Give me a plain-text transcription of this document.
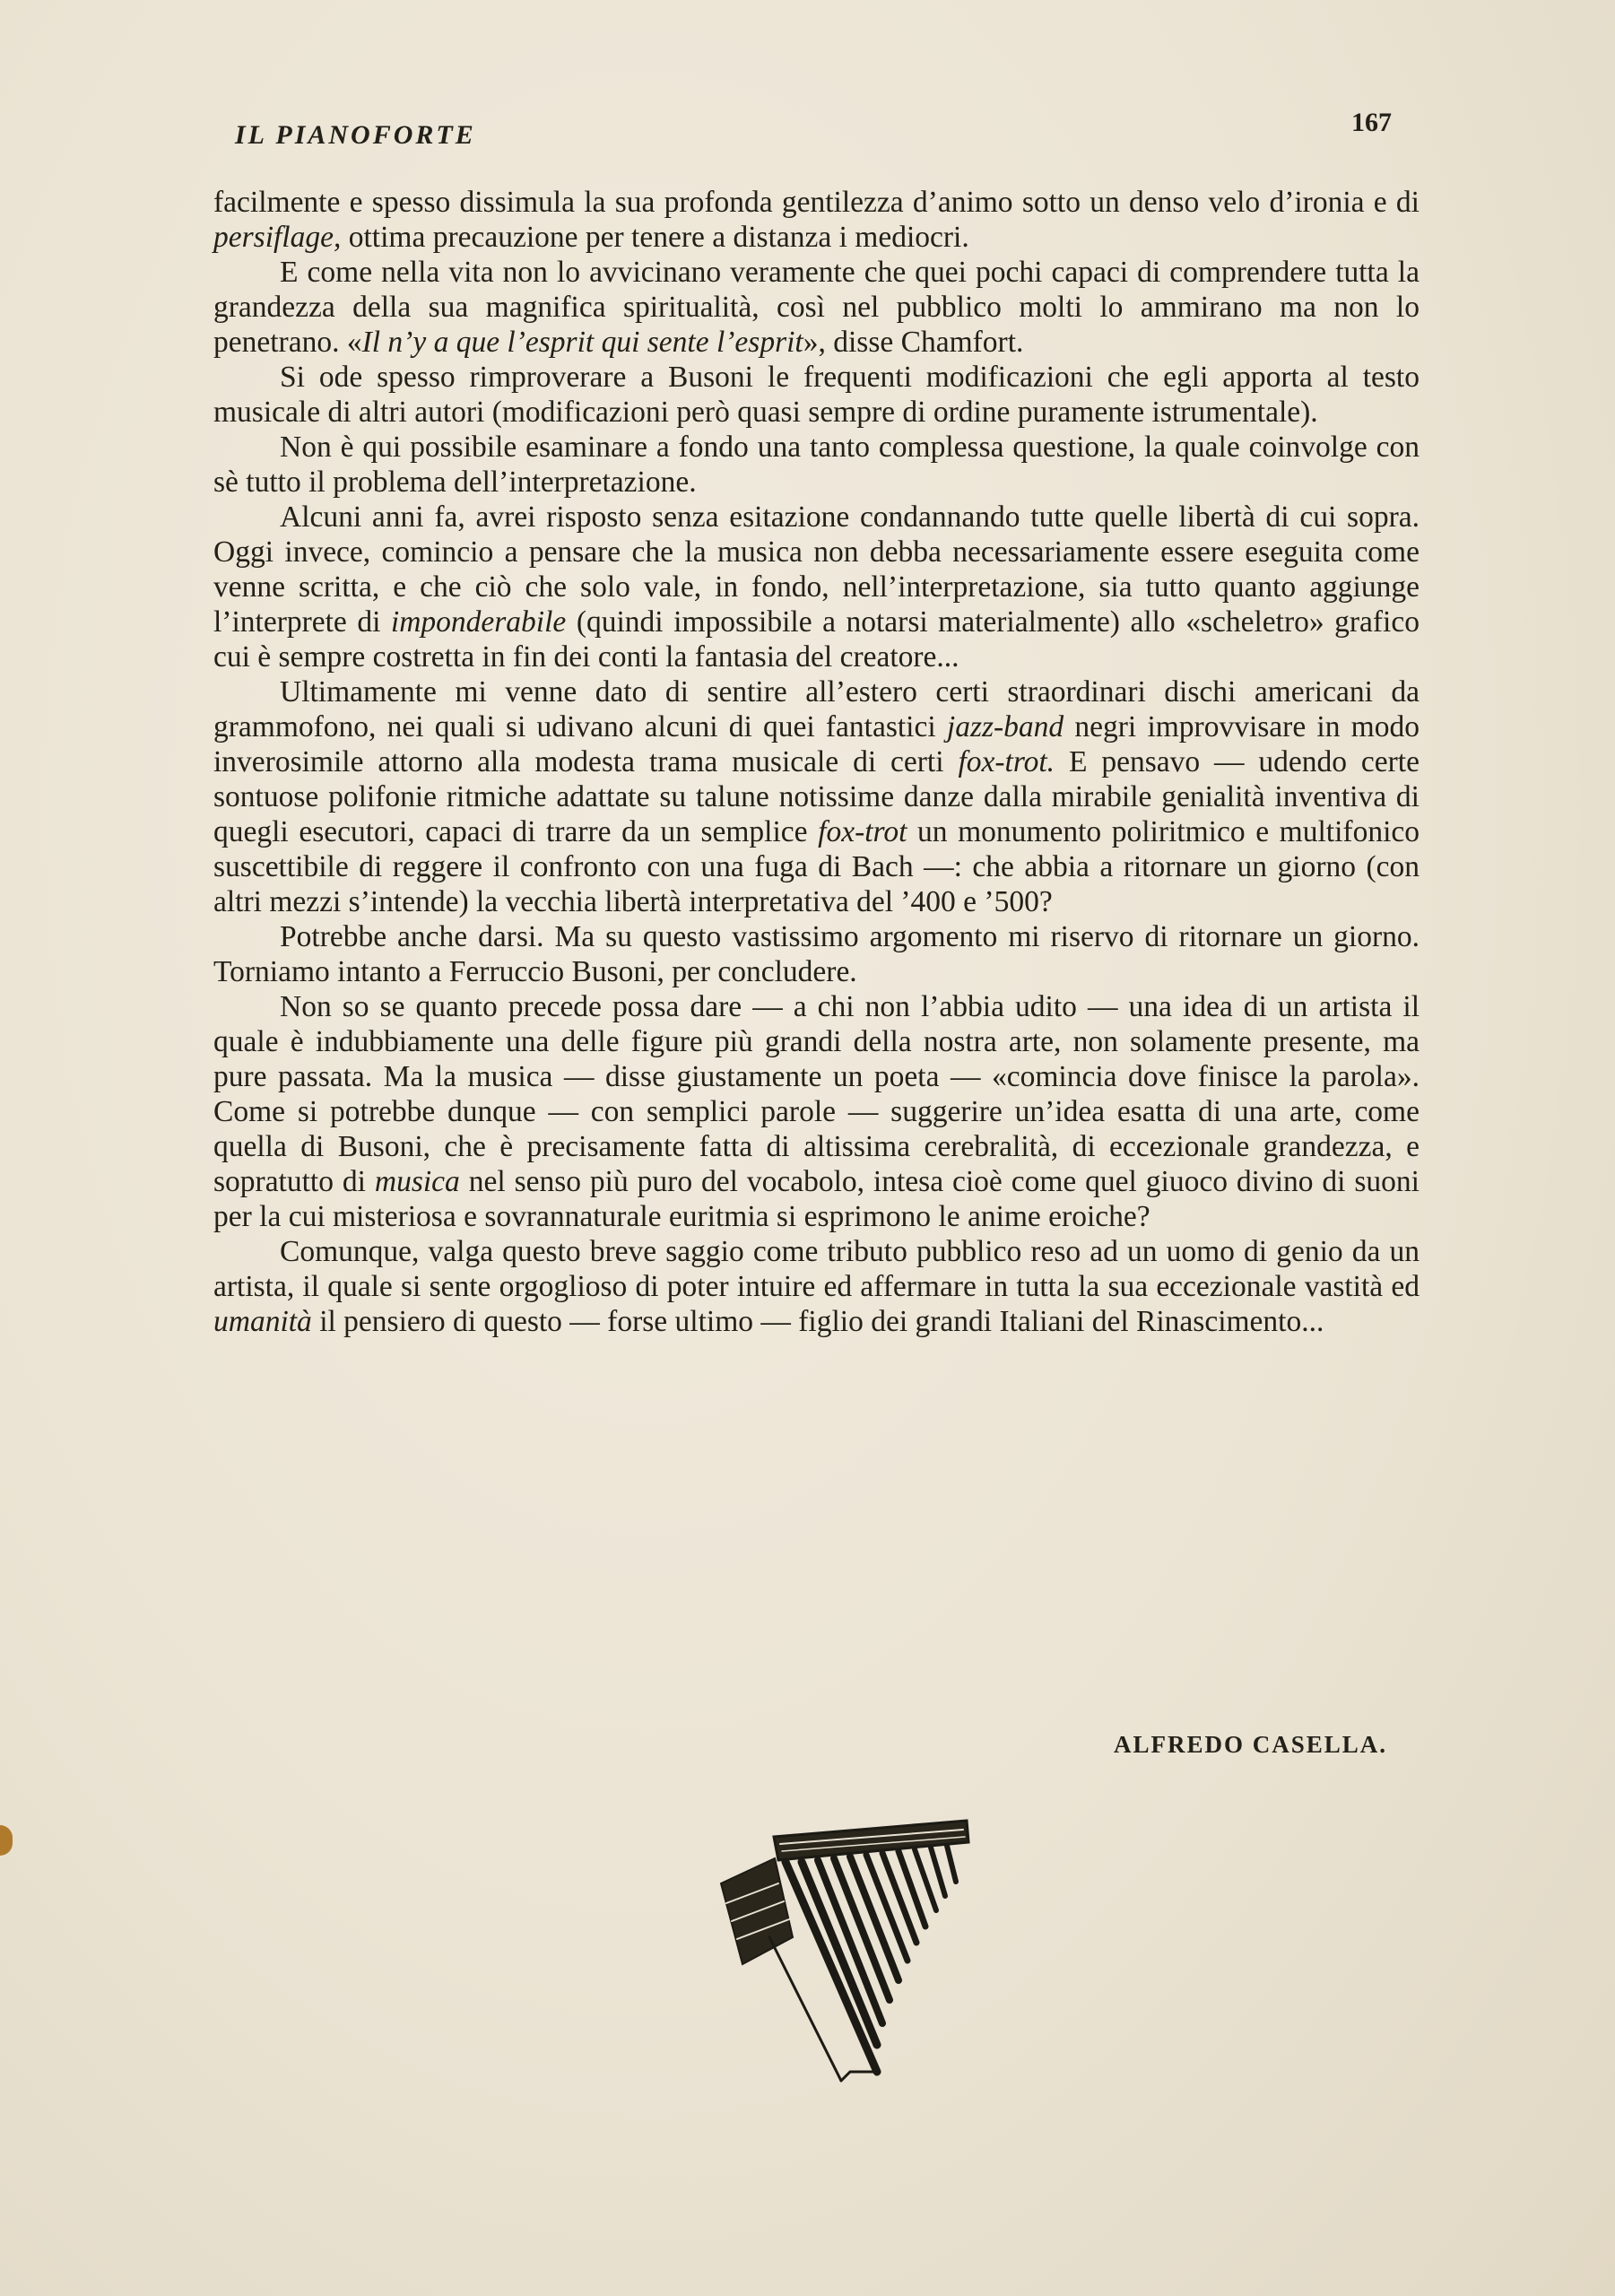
IL PIANOFORTE	167

facilmente e spesso dissimula la sua profonda gentilezza d’animo sotto un denso velo d’ironia e di persiflage, ottima precauzione per tenere a distanza i mediocri.

E come nella vita non lo avvicinano veramente che quei pochi capaci di comprendere tutta la grandezza della sua magnifica spiritualità, così nel pubblico molti lo ammirano ma non lo penetrano. «Il n’y a que l’esprit qui sente l’esprit», disse Chamfort.

Si ode spesso rimproverare a Busoni le frequenti modificazioni che egli apporta al testo musicale di altri autori (modificazioni però quasi sempre di ordine puramente istrumentale).

Non è qui possibile esaminare a fondo una tanto complessa questione, la quale coinvolge con sè tutto il problema dell’interpretazione.

Alcuni anni fa, avrei risposto senza esitazione condannando tutte quelle libertà di cui sopra. Oggi invece, comincio a pensare che la musica non debba necessariamente essere eseguita come venne scritta, e che ciò che solo vale, in fondo, nell’interpretazione, sia tutto quanto aggiunge l’interprete di imponderabile (quindi impossibile a notarsi materialmente) allo «scheletro» grafico cui è sempre costretta in fin dei conti la fantasia del creatore...

Ultimamente mi venne dato di sentire all’estero certi straordinari dischi americani da grammofono, nei quali si udivano alcuni di quei fantastici jazz-band negri improvvisare in modo inverosimile attorno alla modesta trama musicale di certi fox-trot. E pensavo — udendo certe sontuose polifonie ritmiche adattate su talune notissime danze dalla mirabile genialità inventiva di quegli esecutori, capaci di trarre da un semplice fox-trot un monumento poliritmico e multifonico suscettibile di reggere il confronto con una fuga di Bach —: che abbia a ritornare un giorno (con altri mezzi s’intende) la vecchia libertà interpretativa del ’400 e ’500?

Potrebbe anche darsi. Ma su questo vastissimo argomento mi riservo di ritornare un giorno. Torniamo intanto a Ferruccio Busoni, per concludere.

Non so se quanto precede possa dare — a chi non l’abbia udito — una idea di un artista il quale è indubbiamente una delle figure più grandi della nostra arte, non solamente presente, ma pure passata. Ma la musica — disse giustamente un poeta — «comincia dove finisce la parola». Come si potrebbe dunque — con semplici parole — suggerire un’idea esatta di una arte, come quella di Busoni, che è precisamente fatta di altissima cerebralità, di eccezionale grandezza, e sopratutto di musica nel senso più puro del vocabolo, intesa cioè come quel giuoco divino di suoni per la cui misteriosa e sovrannaturale euritmia si esprimono le anime eroiche?

Comunque, valga questo breve saggio come tributo pubblico reso ad un uomo di genio da un artista, il quale si sente orgoglioso di poter intuire ed affermare in tutta la sua eccezionale vastità ed umanità il pensiero di questo — forse ultimo — figlio dei grandi Italiani del Rinascimento...

ALFREDO CASELLA.
